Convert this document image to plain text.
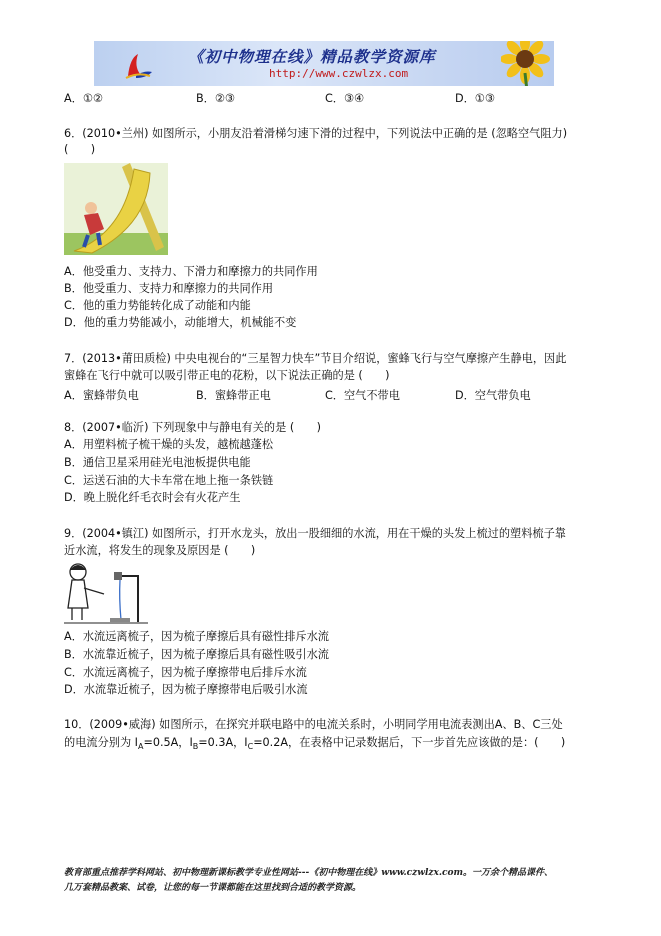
《初中物理在线》精品教学资源库
http://www.czwlzx.com
A．①②	B．②③	C．③④	D．①③
6．(2010•兰州) 如图所示，小朋友沿着滑梯匀速下滑的过程中，下列说法中正确的是 (忽略空气阻力)
(　　)
A．他受重力、支持力、下滑力和摩擦力的共同作用
B．他受重力、支持力和摩擦力的共同作用
C．他的重力势能转化成了动能和内能
D．他的重力势能减小，动能增大，机械能不变
7．(2013•莆田质检) 中央电视台的“三星智力快车”节目介绍说，蜜蜂飞行与空气摩擦产生静电，因此
蜜蜂在飞行中就可以吸引带正电的花粉，以下说法正确的是 (　　)
A．蜜蜂带负电	B．蜜蜂带正电	C．空气不带电	D．空气带负电
8．(2007•临沂) 下列现象中与静电有关的是 (　　)
A．用塑料梳子梳干燥的头发，越梳越蓬松
B．通信卫星采用硅光电池板提供电能
C．运送石油的大卡车常在地上拖一条铁链
D．晚上脱化纤毛衣时会有火花产生
9．(2004•镇江) 如图所示，打开水龙头，放出一股细细的水流，用在干燥的头发上梳过的塑料梳子靠
近水流，将发生的现象及原因是 (　　)
A．水流远离梳子，因为梳子摩擦后具有磁性排斥水流
B．水流靠近梳子，因为梳子摩擦后具有磁性吸引水流
C．水流远离梳子，因为梳子摩擦带电后排斥水流
D．水流靠近梳子，因为梳子摩擦带电后吸引水流
10．(2009•威海) 如图所示，在探究并联电路中的电流关系时，小明同学用电流表测出A、B、C三处
的电流分别为 $I_A=0.5A$，$I_B=0.3A$，$I_C=0.2A$，在表格中记录数据后，下一步首先应该做的是：(　　)
教育部重点推荐学科网站、初中物理新课标教学专业性网站---《初中物理在线》www.czwlzx.com。一万余个精品课件、
几万套精品教案、试卷，让您的每一节课都能在这里找到合适的教学资源。
